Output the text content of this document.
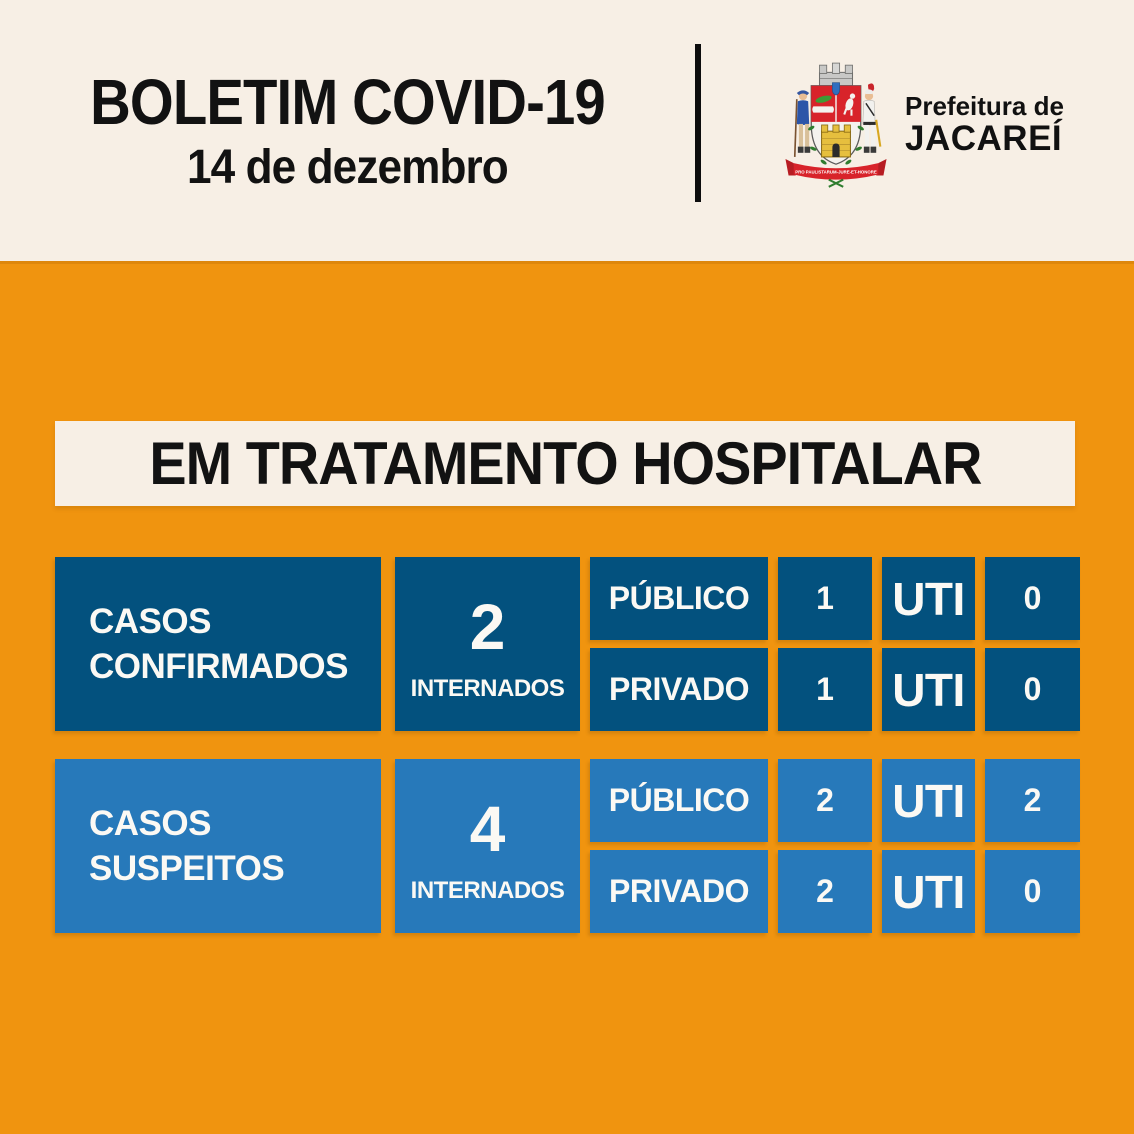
BOLETIM COVID-19
14 de dezembro	PRO PAULISTARUM-JURE-ET-HONORE
Prefeitura de
JACAREÍ
EM TRATAMENTO HOSPITALAR
CASOS
CONFIRMADOS
2
INTERNADOS
PÚBLICO 1 UTI 0
PRIVADO 1 UTI 0
CASOS
SUSPEITOS
4
INTERNADOS
PÚBLICO 2 UTI 2
PRIVADO 2 UTI 0
